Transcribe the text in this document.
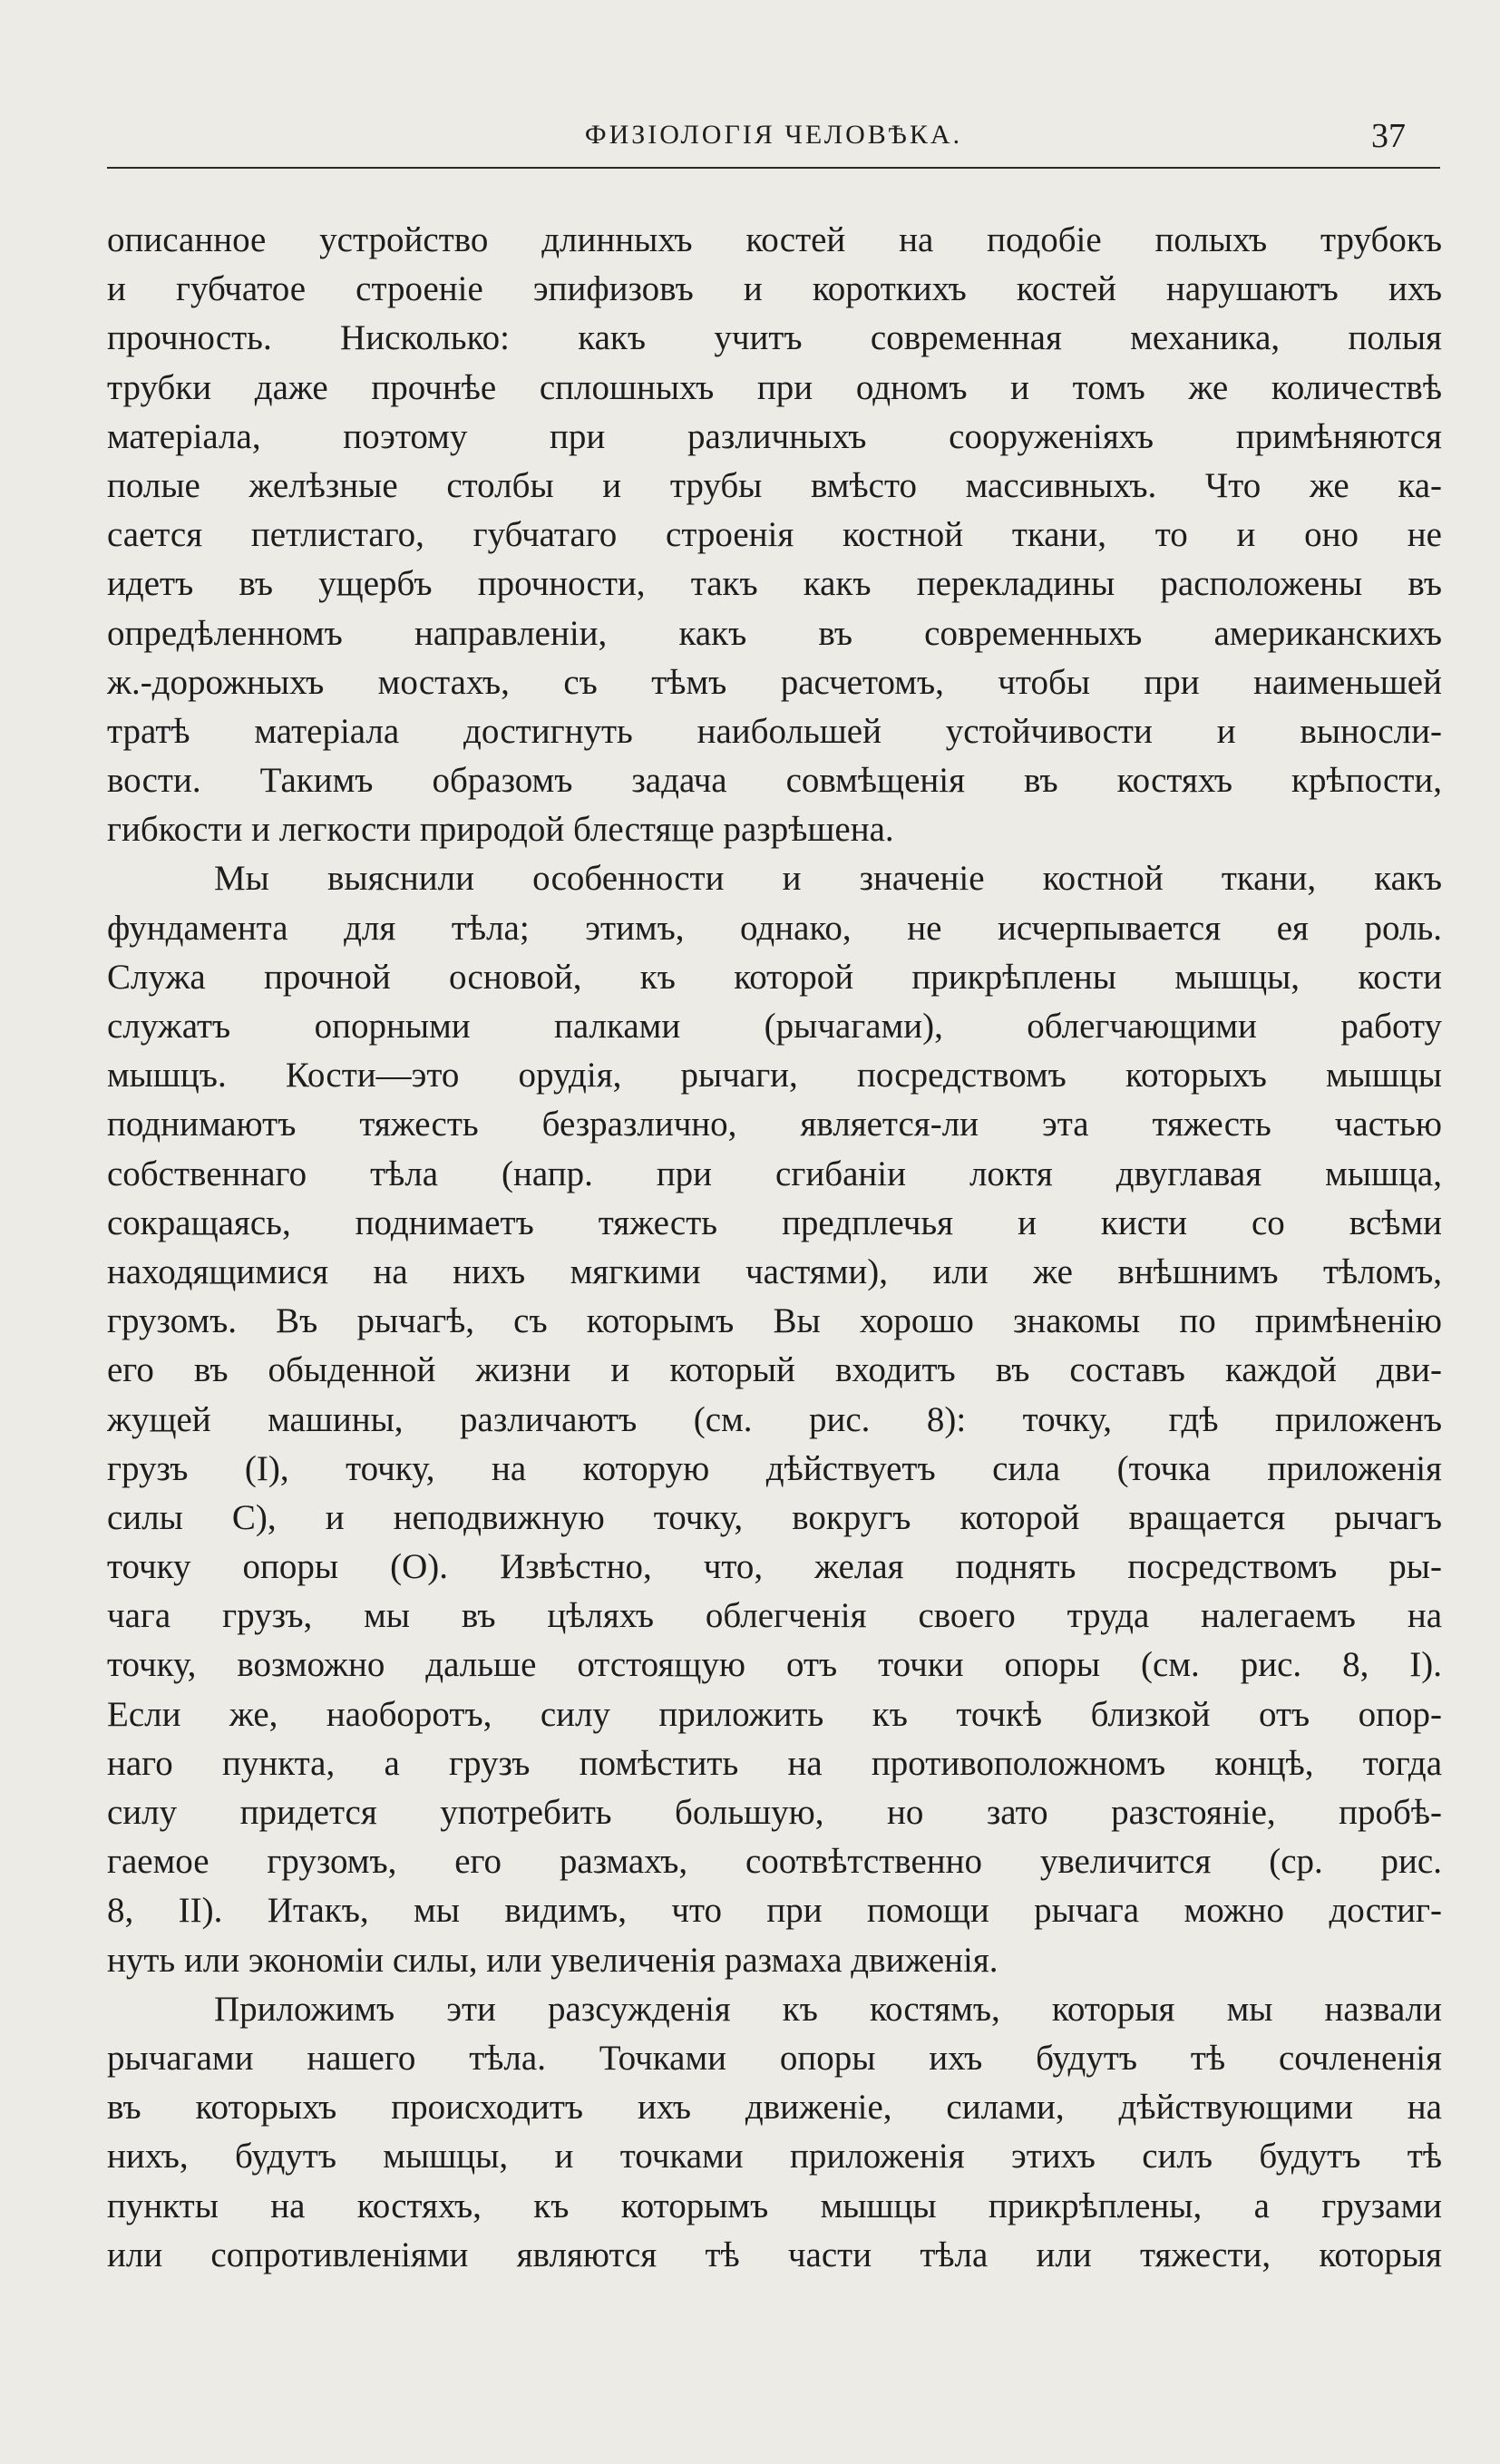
ФИЗІОЛОГІЯ ЧЕЛОВѢКА.	37
описанное устройство длинныхъ костей на подобіе полыхъ трубокъ
и губчатое строеніе эпифизовъ и короткихъ костей нарушаютъ ихъ
прочность. Нисколько: какъ учитъ современная механика, полыя
трубки даже прочнѣе сплошныхъ при одномъ и томъ же количествѣ
матеріала, поэтому при различныхъ сооруженіяхъ примѣняются
полые желѣзные столбы и трубы вмѣсто массивныхъ. Что же ка-
сается петлистаго, губчатаго строенія костной ткани, то и оно не
идетъ въ ущербъ прочности, такъ какъ перекладины расположены въ
опредѣленномъ направленіи, какъ въ современныхъ американскихъ
ж.-дорожныхъ мостахъ, съ тѣмъ расчетомъ, чтобы при наименьшей
тратѣ матеріала достигнуть наибольшей устойчивости и выносли-
вости. Такимъ образомъ задача совмѣщенія въ костяхъ крѣпости,
гибкости и легкости природой блестяще разрѣшена.
Мы выяснили особенности и значеніе костной ткани, какъ
фундамента для тѣла; этимъ, однако, не исчерпывается ея роль.
Служа прочной основой, къ которой прикрѣплены мышцы, кости
служатъ опорными палками (рычагами), облегчающими работу
мышцъ. Кости—это орудія, рычаги, посредствомъ которыхъ мышцы
поднимаютъ тяжесть безразлично, является-ли эта тяжесть частью
собственнаго тѣла (напр. при сгибаніи локтя двуглавая мышца,
сокращаясь, поднимаетъ тяжесть предплечья и кисти со всѣми
находящимися на нихъ мягкими частями), или же внѣшнимъ тѣломъ,
грузомъ. Въ рычагѣ, съ которымъ Вы хорошо знакомы по примѣненію
его въ обыденной жизни и который входитъ въ составъ каждой дви-
жущей машины, различаютъ (см. рис. 8): точку, гдѣ приложенъ
грузъ (I), точку, на которую дѣйствуетъ сила (точка приложенія
силы C), и неподвижную точку, вокругъ которой вращается рычагъ
точку опоры (O). Извѣстно, что, желая поднять посредствомъ ры-
чага грузъ, мы въ цѣляхъ облегченія своего труда налегаемъ на
точку, возможно дальше отстоящую отъ точки опоры (см. рис. 8, I).
Если же, наоборотъ, силу приложить къ точкѣ близкой отъ опор-
наго пункта, а грузъ помѣстить на противоположномъ концѣ, тогда
силу придется употребить большую, но зато разстояніе, пробѣ-
гаемое грузомъ, его размахъ, соотвѣтственно увеличится (ср. рис.
8, II). Итакъ, мы видимъ, что при помощи рычага можно достиг-
нуть или экономіи силы, или увеличенія размаха движенія.
Приложимъ эти разсужденія къ костямъ, которыя мы назвали
рычагами нашего тѣла. Точками опоры ихъ будутъ тѣ сочлененія
въ которыхъ происходитъ ихъ движеніе, силами, дѣйствующими на
нихъ, будутъ мышцы, и точками приложенія этихъ силъ будутъ тѣ
пункты на костяхъ, къ которымъ мышцы прикрѣплены, а грузами
или сопротивленіями являются тѣ части тѣла или тяжести, которыя
